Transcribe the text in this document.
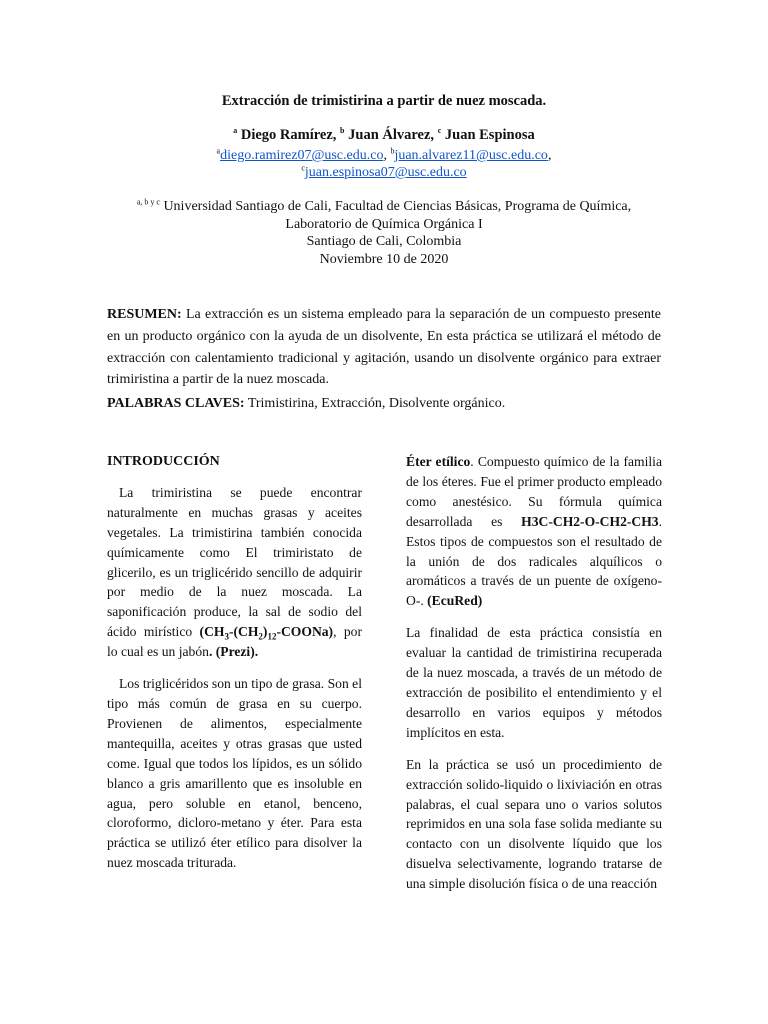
Extracción de trimistirina a partir de nuez moscada.
$^a$ Diego Ramírez, $^b$ Juan Álvarez, $^c$ Juan Espinosa
$^a$diego.ramirez07@usc.edu.co, $^b$juan.alvarez11@usc.edu.co,
$^c$juan.espinosa07@usc.edu.co
$^{a, b y c}$ Universidad Santiago de Cali, Facultad de Ciencias Básicas, Programa de Química,
Laboratorio de Química Orgánica I
Santiago de Cali, Colombia
Noviembre 10 de 2020
RESUMEN: La extracción es un sistema empleado para la separación de un compuesto presente en un producto orgánico con la ayuda de un disolvente, En esta práctica se utilizará el método de extracción con calentamiento tradicional y agitación, usando un disolvente orgánico para extraer trimiristina a partir de la nuez moscada.
PALABRAS CLAVES: Trimistirina, Extracción, Disolvente orgánico.
INTRODUCCIÓN

La trimiristina se puede encontrar naturalmente en muchas grasas y aceites vegetales. La trimistirina también conocida químicamente como El trimiristato de glicerilo, es un triglicérido sencillo de adquirir por medio de la nuez moscada. La saponificación produce, la sal de sodio del ácido mirístico $(CH_3-(CH_2)_{12}-COONa)$, por lo cual es un jabón. (Prezi).

Los triglicéridos son un tipo de grasa. Son el tipo más común de grasa en su cuerpo. Provienen de alimentos, especialmente mantequilla, aceites y otras grasas que usted come. Igual que todos los lípidos, es un sólido blanco a gris amarillento que es insoluble en agua, pero soluble en etanol, benceno, cloroformo, dicloro-metano y éter. Para esta práctica se utilizó éter etílico para disolver la nuez moscada triturada.

Éter etílico. Compuesto químico de la familia de los éteres. Fue el primer producto empleado como anestésico. Su fórmula química desarrollada es H3C-CH2-O-CH2-CH3. Estos tipos de compuestos son el resultado de la unión de dos radicales alquílicos o aromáticos a través de un puente de oxígeno-O-. (EcuRed)

La finalidad de esta práctica consistía en evaluar la cantidad de trimistirina recuperada de la nuez moscada, a través de un método de extracción de posibilito el entendimiento y el desarrollo en varios equipos y métodos implícitos en esta.

En la práctica se usó un procedimiento de extracción solido-liquido o lixiviación en otras palabras, el cual separa uno o varios solutos reprimidos en una sola fase solida mediante su contacto con un disolvente líquido que los disuelva selectivamente, logrando tratarse de una simple disolución física o de una reacción
